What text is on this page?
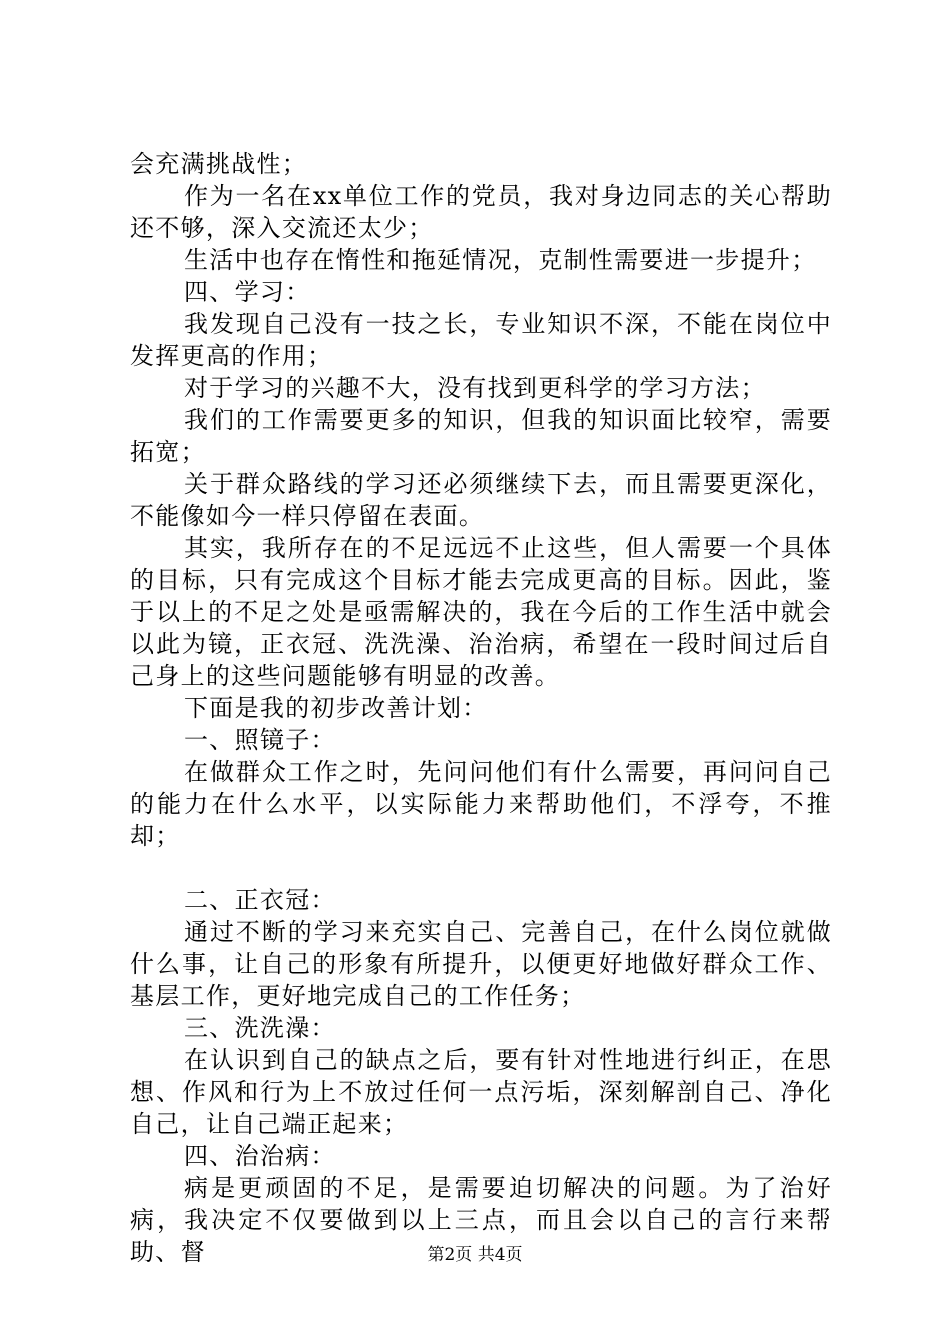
会充满挑战性；

作为一名在xx单位工作的党员，我对身边同志的关心帮助还不够，深入交流还太少；

生活中也存在惰性和拖延情况，克制性需要进一步提升；

四、学习：

我发现自己没有一技之长，专业知识不深，不能在岗位中发挥更高的作用；

对于学习的兴趣不大，没有找到更科学的学习方法；

我们的工作需要更多的知识，但我的知识面比较窄，需要拓宽；

关于群众路线的学习还必须继续下去，而且需要更深化，不能像如今一样只停留在表面。

其实，我所存在的不足远远不止这些，但人需要一个具体的目标，只有完成这个目标才能去完成更高的目标。因此，鉴于以上的不足之处是亟需解决的，我在今后的工作生活中就会以此为镜，正衣冠、洗洗澡、治治病，希望在一段时间过后自己身上的这些问题能够有明显的改善。

下面是我的初步改善计划：

一、照镜子：

在做群众工作之时，先问问他们有什么需要，再问问自己的能力在什么水平，以实际能力来帮助他们，不浮夸，不推却；

二、正衣冠：

通过不断的学习来充实自己、完善自己，在什么岗位就做什么事，让自己的形象有所提升，以便更好地做好群众工作、基层工作，更好地完成自己的工作任务；

三、洗洗澡：

在认识到自己的缺点之后，要有针对性地进行纠正，在思想、作风和行为上不放过任何一点污垢，深刻解剖自己、净化自己，让自己端正起来；

四、治治病：

病是更顽固的不足，是需要迫切解决的问题。为了治好病，我决定不仅要做到以上三点，而且会以自己的言行来帮助、督	第2页 共4页
